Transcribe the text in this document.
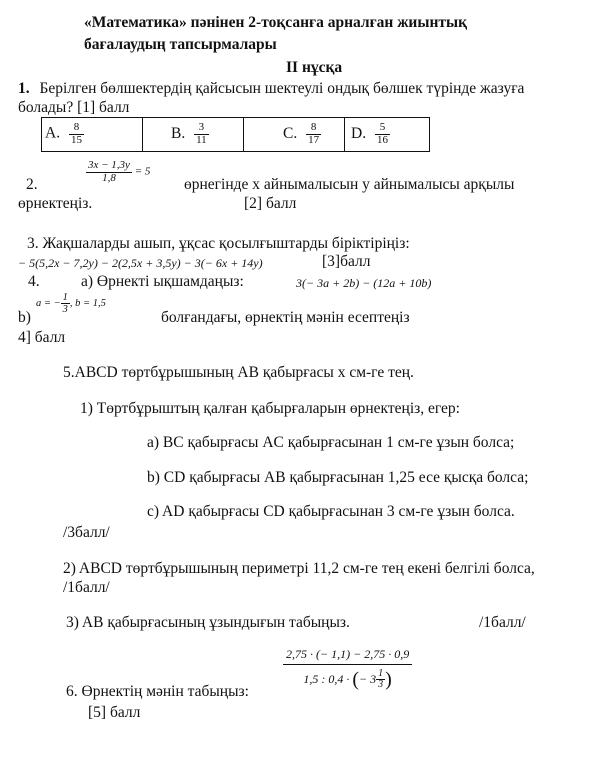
«Математика» пәнінен 2-тоқсанға арналған жиынтық
бағалаудың тапсырмалары
ІІ нұсқа
1. Берілген бөлшектердің қайсысын шектеулі ондық бөлшек түрінде жазуға
болады? [1] балл
А. $\frac{8}{15}$	В. $\frac{3}{11}$	С. $\frac{8}{17}$	D. $\frac{5}{16}$
$\frac{3x - 1,3y}{1,8} = 5$
2.	өрнегінде x айнымалысын y айнымалысы арқылы
өрнектеңіз.	[2] балл
3. Жақшаларды ашып, ұқсас қосылғыштарды біріктіріңіз:
− 5(5,2x − 7,2y) − 2(2,5x + 3,5y) − 3(− 6x + 14y)	[3]балл
4.	а) Өрнекті ықшамдаңыз:	3(− 3a + 2b) − (12a + 10b)
b)
a = − $\frac{1}{3}$ , b = 1,5
болғандағы, өрнектің мәнін есептеңіз
4] балл
5.ABCD төртбұрышының AB қабырғасы х см-ге тең.
1) Төртбұрыштың қалған қабырғаларын өрнектеңіз, егер:
а) BC қабырғасы AC қабырғасынан 1 см-ге ұзын болса;
b) CD қабырғасы AB қабырғасынан 1,25 есе қысқа болса;
c) AD қабырғасы CD қабырғасынан 3 см-ге ұзын болса.
/3балл/
2) ABCD төртбұрышының периметрі 11,2 см-ге тең екені белгілі болса,
/1балл/
3) AB қабырғасының ұзындығын табыңыз.	/1балл/
$\frac{2,75 \cdot (- 1,1) - 2,75 \cdot 0,9}{1,5 : 0,4 \cdot (- 3 \frac{1}{3} )}$
6. Өрнектің мәнін табыңыз:
[5] балл
